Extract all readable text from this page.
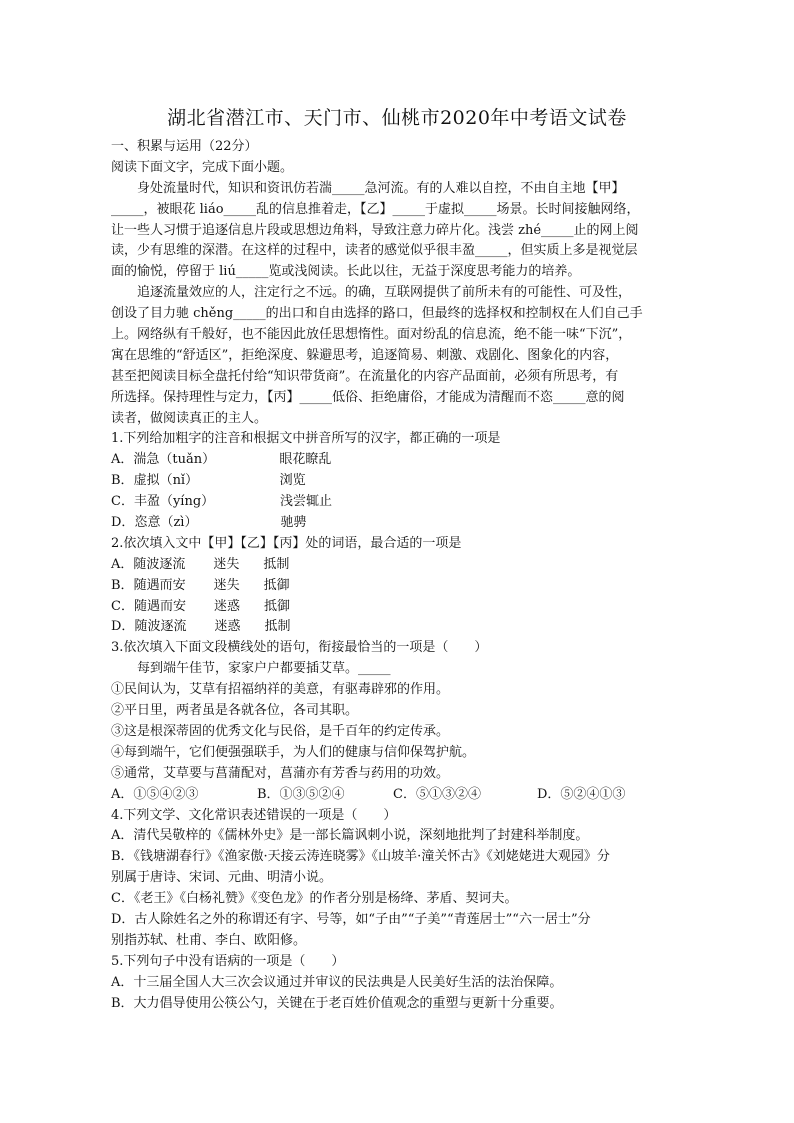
湖北省潜江市、天门市、仙桃市2020年中考语文试卷
一、积累与运用（22分）
阅读下面文字，完成下面小题。
身处流量时代，知识和资讯仿若湍_____急河流。有的人难以自控，不由自主地【甲】
_____，被眼花 liáo_____乱的信息推着走，【乙】_____于虚拟_____场景。长时间接触网络，
让一些人习惯于追逐信息片段或思想边角料，导致注意力碎片化。浅尝 zhé_____止的网上阅
读，少有思维的深潜。在这样的过程中，读者的感觉似乎很丰盈_____，但实质上多是视觉层
面的愉悦，停留于 liú_____览或浅阅读。长此以往，无益于深度思考能力的培养。
追逐流量效应的人，注定行之不远。的确，互联网提供了前所未有的可能性、可及性，
创设了目力驰 chěng_____的出口和自由选择的路口，但最终的选择权和控制权在人们自己手
上。网络纵有千般好，也不能因此放任思想惰性。面对纷乱的信息流，绝不能一味“下沉”，
寓在思维的“舒适区”，拒绝深度、躲避思考，追逐简易、刺激、戏剧化、图象化的内容，
甚至把阅读目标全盘托付给“知识带货商”。在流量化的内容产品面前，必须有所思考，有
所选择。保持理性与定力，【丙】_____低俗、拒绝庸俗，才能成为清醒而不恣_____意的阅
读者，做阅读真正的主人。
1.下列给加粗字的注音和根据文中拼音所写的汉字，都正确的一项是
A．湍急（tuǎn）	眼花瞭乱
B．虚拟（nǐ）	浏览
C．丰盈（yíng）	浅尝辄止
D．恣意（zì）	驰骋
2.依次填入文中【甲】【乙】【丙】处的词语，最合适的一项是
A．随波逐流 迷失 抵制
B．随遇而安 迷失 抵御
C．随遇而安 迷惑 抵御
D．随波逐流 迷惑 抵制
3.依次填入下面文段横线处的语句，衔接最恰当的一项是（　　）
每到端午佳节，家家户户都要插艾草。_____
①民间认为，艾草有招福纳祥的美意，有驱毒辟邪的作用。
②平日里，两者虽是各就各位，各司其职。
③这是根深蒂固的优秀文化与民俗，是千百年的约定传承。
④每到端午，它们便强强联手，为人们的健康与信仰保驾护航。
⑤通常，艾草要与菖蒲配对，菖蒲亦有芳香与药用的功效。
A．①⑤④②③	B．①③⑤②④	C．⑤①③②④	D．⑤②④①③
4.下列文学、文化常识表述错误的一项是（　　）
A．清代吴敬梓的《儒林外史》是一部长篇讽刺小说，深刻地批判了封建科举制度。
B．《钱塘湖春行》《渔家傲·天接云涛连晓雾》《山坡羊·潼关怀古》《刘姥姥进大观园》分
别属于唐诗、宋词、元曲、明清小说。
C．《老王》《白杨礼赞》《变色龙》的作者分别是杨绛、茅盾、契诃夫。
D．古人除姓名之外的称谓还有字、号等，如“子由”“子美”“青莲居士”“六一居士”分
别指苏轼、杜甫、李白、欧阳修。
5.下列句子中没有语病的一项是（　　）
A．十三届全国人大三次会议通过并审议的民法典是人民美好生活的法治保障。
B．大力倡导使用公筷公勺，关键在于老百姓价值观念的重塑与更新十分重要。
